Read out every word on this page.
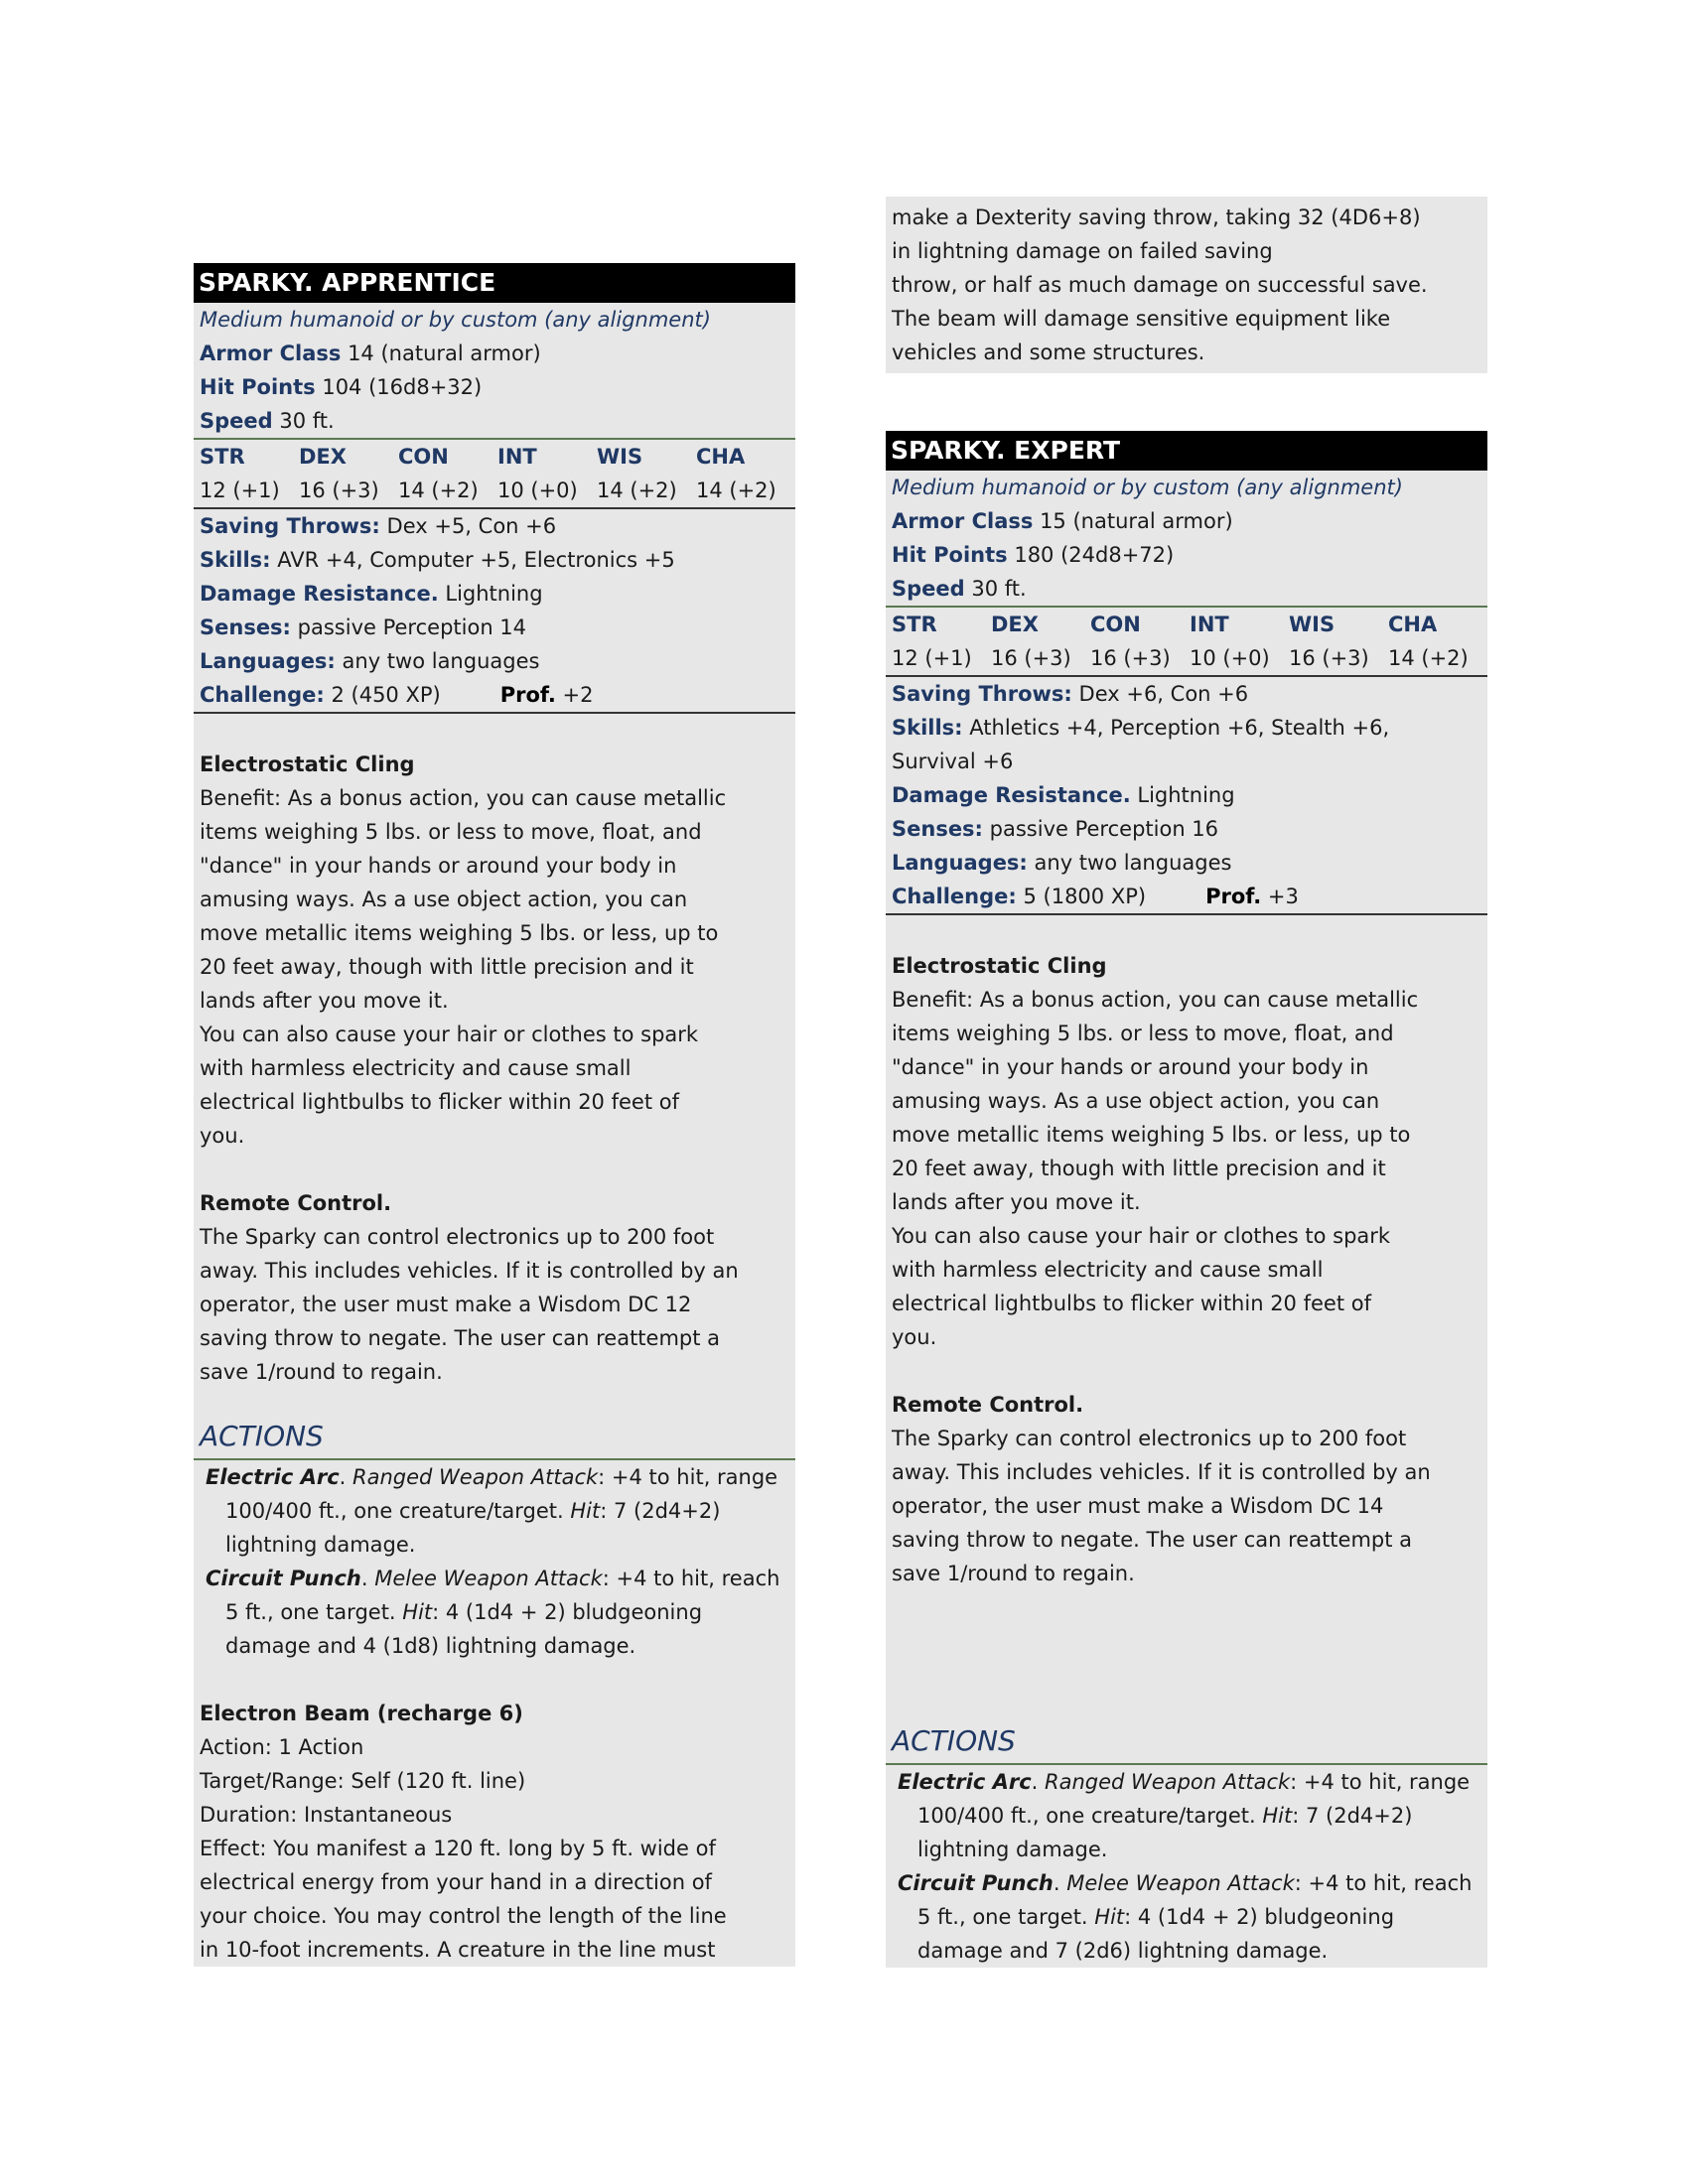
SPARKY. APPRENTICE
Medium humanoid or by custom (any alignment)
Armor Class 14 (natural armor)
Hit Points 104 (16d8+32)
Speed 30 ft.
STR	DEX	CON	INT	WIS	CHA
12 (+1) 16 (+3) 14 (+2) 10 (+0) 14 (+2) 14 (+2)
Saving Throws: Dex +5, Con +6
Skills: AVR +4, Computer +5, Electronics +5
Damage Resistance. Lightning
Senses: passive Perception 14
Languages: any two languages
Challenge: 2 (450 XP)	Prof. +2
Electrostatic Cling
Benefit: As a bonus action, you can cause metallic
items weighing 5 lbs. or less to move, float, and
"dance" in your hands or around your body in
amusing ways. As a use object action, you can
move metallic items weighing 5 lbs. or less, up to
20 feet away, though with little precision and it
lands after you move it.
You can also cause your hair or clothes to spark
with harmless electricity and cause small
electrical lightbulbs to flicker within 20 feet of
you.
Remote Control.
The Sparky can control electronics up to 200 foot
away. This includes vehicles. If it is controlled by an
operator, the user must make a Wisdom DC 12
saving throw to negate. The user can reattempt a
save 1/round to regain.
ACTIONS
Electric Arc. Ranged Weapon Attack: +4 to hit, range 100/400 ft., one creature/target. Hit: 7 (2d4+2) lightning damage.
Circuit Punch. Melee Weapon Attack: +4 to hit, reach 5 ft., one target. Hit: 4 (1d4 + 2) bludgeoning damage and 4 (1d8) lightning damage.
Electron Beam (recharge 6)
Action: 1 Action
Target/Range: Self (120 ft. line)
Duration: Instantaneous
Effect: You manifest a 120 ft. long by 5 ft. wide of
electrical energy from your hand in a direction of
your choice. You may control the length of the line
in 10-foot increments. A creature in the line must
make a Dexterity saving throw, taking 32 (4D6+8)
in lightning damage on failed saving
throw, or half as much damage on successful save.
The beam will damage sensitive equipment like
vehicles and some structures.
SPARKY. EXPERT
Medium humanoid or by custom (any alignment)
Armor Class 15 (natural armor)
Hit Points 180 (24d8+72)
Speed 30 ft.
STR	DEX	CON	INT	WIS	CHA
12 (+1) 16 (+3) 16 (+3) 10 (+0) 16 (+3) 14 (+2)
Saving Throws: Dex +6, Con +6
Skills: Athletics +4, Perception +6, Stealth +6,
Survival +6
Damage Resistance. Lightning
Senses: passive Perception 16
Languages: any two languages
Challenge: 5 (1800 XP)	Prof. +3
Electrostatic Cling
Benefit: As a bonus action, you can cause metallic
items weighing 5 lbs. or less to move, float, and
"dance" in your hands or around your body in
amusing ways. As a use object action, you can
move metallic items weighing 5 lbs. or less, up to
20 feet away, though with little precision and it
lands after you move it.
You can also cause your hair or clothes to spark
with harmless electricity and cause small
electrical lightbulbs to flicker within 20 feet of
you.
Remote Control.
The Sparky can control electronics up to 200 foot
away. This includes vehicles. If it is controlled by an
operator, the user must make a Wisdom DC 14
saving throw to negate. The user can reattempt a
save 1/round to regain.
ACTIONS
Electric Arc. Ranged Weapon Attack: +4 to hit, range 100/400 ft., one creature/target. Hit: 7 (2d4+2) lightning damage.
Circuit Punch. Melee Weapon Attack: +4 to hit, reach 5 ft., one target. Hit: 4 (1d4 + 2) bludgeoning damage and 7 (2d6) lightning damage.
